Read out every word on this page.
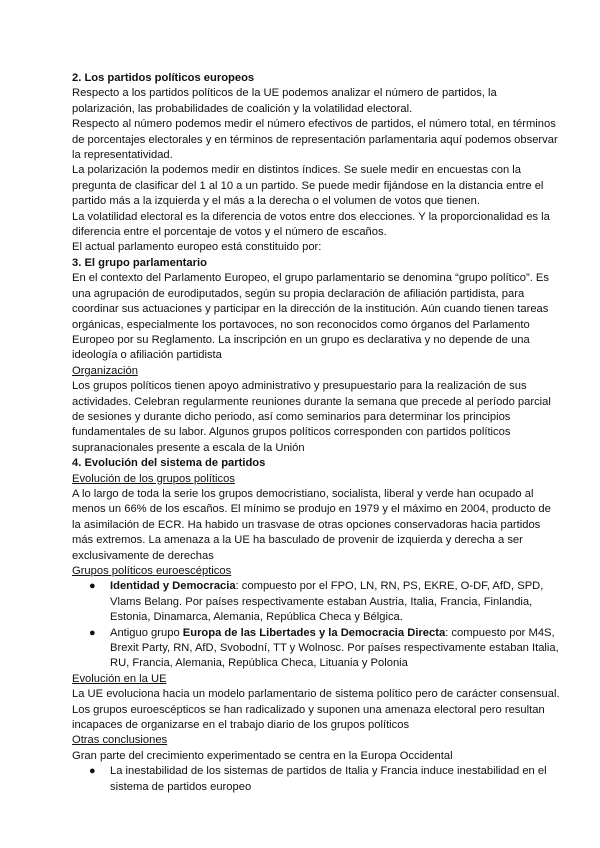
2. Los partidos políticos europeos

Respecto a los partidos políticos de la UE podemos analizar el número de partidos, la polarización, las probabilidades de coalición y la volatilidad electoral.

Respecto al número podemos medir el número efectivos de partidos, el número total, en términos de porcentajes electorales y en términos de representación parlamentaria aquí podemos observar la representatividad.

La polarización la podemos medir en distintos índices. Se suele medir en encuestas con la pregunta de clasificar del 1 al 10 a un partido. Se puede medir fijándose en la distancia entre el partido más a la izquierda y el más a la derecha o el volumen de votos que tienen.

La volatilidad electoral es la diferencia de votos entre dos elecciones. Y la proporcionalidad es la diferencia entre el porcentaje de votos y el número de escaños.

El actual parlamento europeo está constituido por:

3. El grupo parlamentario

En el contexto del Parlamento Europeo, el grupo parlamentario se denomina “grupo político”. Es una agrupación de eurodiputados, según su propia declaración de afiliación partidista, para coordinar sus actuaciones y participar en la dirección de la institución. Aún cuando tienen tareas orgánicas, especialmente los portavoces, no son reconocidos como órganos del Parlamento Europeo por su Reglamento. La inscripción en un grupo es declarativa y no depende de una ideología o afiliación partidista

Organización

Los grupos políticos tienen apoyo administrativo y presupuestario para la realización de sus actividades. Celebran regularmente reuniones durante la semana que precede al período parcial de sesiones y durante dicho periodo, así como seminarios para determinar los principios fundamentales de su labor. Algunos grupos políticos corresponden con partidos políticos supranacionales presente a escala de la Unión

4. Evolución del sistema de partidos

Evolución de los grupos políticos

A lo largo de toda la serie los grupos democristiano, socialista, liberal y verde han ocupado al menos un 66% de los escaños. El mínimo se produjo en 1979 y el máximo en 2004, producto de la asimilación de ECR. Ha habido un trasvase de otras opciones conservadoras hacia partidos más extremos. La amenaza a la UE ha basculado de provenir de izquierda y derecha a ser exclusivamente de derechas

Grupos políticos euroescépticos

● Identidad y Democracia: compuesto por el FPO, LN, RN, PS, EKRE, O-DF, AfD, SPD, Vlams Belang. Por países respectivamente estaban Austria, Italia, Francia, Finlandia, Estonia, Dinamarca, Alemania, República Checa y Bélgica.
● Antiguo grupo Europa de las Libertades y la Democracia Directa: compuesto por M4S, Brexit Party, RN, AfD, Svobodní, TT y Wolnosc. Por países respectivamente estaban Italia, RU, Francia, Alemania, República Checa, Lituania y Polonia

Evolución en la UE

La UE evoluciona hacia un modelo parlamentario de sistema político pero de carácter consensual.

Los grupos euroescépticos se han radicalizado y suponen una amenaza electoral pero resultan incapaces de organizarse en el trabajo diario de los grupos políticos

Otras conclusiones

Gran parte del crecimiento experimentado se centra en la Europa Occidental

● La inestabilidad de los sistemas de partidos de Italia y Francia induce inestabilidad en el sistema de partidos europeo
